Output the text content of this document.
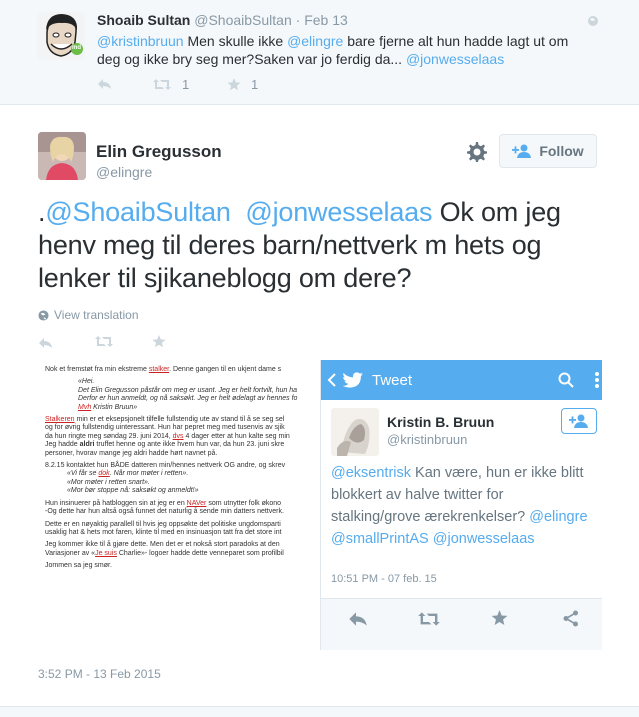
md
Shoaib Sultan @ShoaibSultan · Feb 13
@kristinbruun Men skulle ikke @elingre bare fjerne alt hun hadde lagt ut om
deg og ikke bry seg mer?Saken var jo ferdig da... @jonwesselaas
1	1
Elin Gregusson
@elingre
Follow
.@ShoaibSultan @jonwesselaas Ok om jeg henv meg til deres barn/nettverk m hets og lenker til sjikaneblogg om dere?
View translation

Nok et fremstøt fra min ekstreme stalker. Denne gangen til en ukjent dame s

«Hei.

Det Elin Gregusson påstår om meg er usant. Jeg er helt fortvilt, hun ha

Derfor er hun anmeldt, og nå saksøkt. Jeg er helt ødelagt av hennes fo

Mvh Kristin Bruun»

Stalkeren min er et eksepsjonelt tilfelle fullstendig ute av stand til å se seg sel

og for øvrig fullstendig uinteressant. Hun har pepret meg med tusenvis av sjik

da hun ringte meg søndag 29. juni 2014, dvs 4 dager etter at hun kalte seg min

Jeg hadde aldri truffet henne og ante ikke hvem hun var, da hun 23. juni skre

personer, hvorav mange jeg aldri hadde hørt navnet på.

8.2.15 kontaktet hun BÅDE datteren min/hennes nettverk OG andre, og skrev

«Vi får se dok. Når mor møter i retten».

«Mor møter i retten snart».

«Mor bør stoppe nå: saksøkt og anmeldt!»

Hun insinuerer på hatbloggen sin at jeg er en NAVer som utnytter folk økono

-Og dette har hun altså også funnet det naturlig å sende min datters nettverk.

Dette er en nøyaktig parallell til hvis jeg oppsøkte det politiske ungdomsparti

usaklig hat & hets mot faren, klinte til med en insinuasjon tatt fra det store int

Jeg kommer ikke til å gjøre dette. Men det er et nokså stort paradoks at den

Variasjoner av «Je suis Charlie»- logoer hadde dette venneparet som profilbil

Jommen sa jeg smør.

Tweet
Kristin B. Bruun
@kristinbruun
@eksentrisk Kan være, hun er ikke blitt blokkert av halve twitter for stalking/grove ærekrenkelser? @elingre @smallPrintAS @jonwesselaas
10:51 PM - 07 feb. 15
3:52 PM - 13 Feb 2015
